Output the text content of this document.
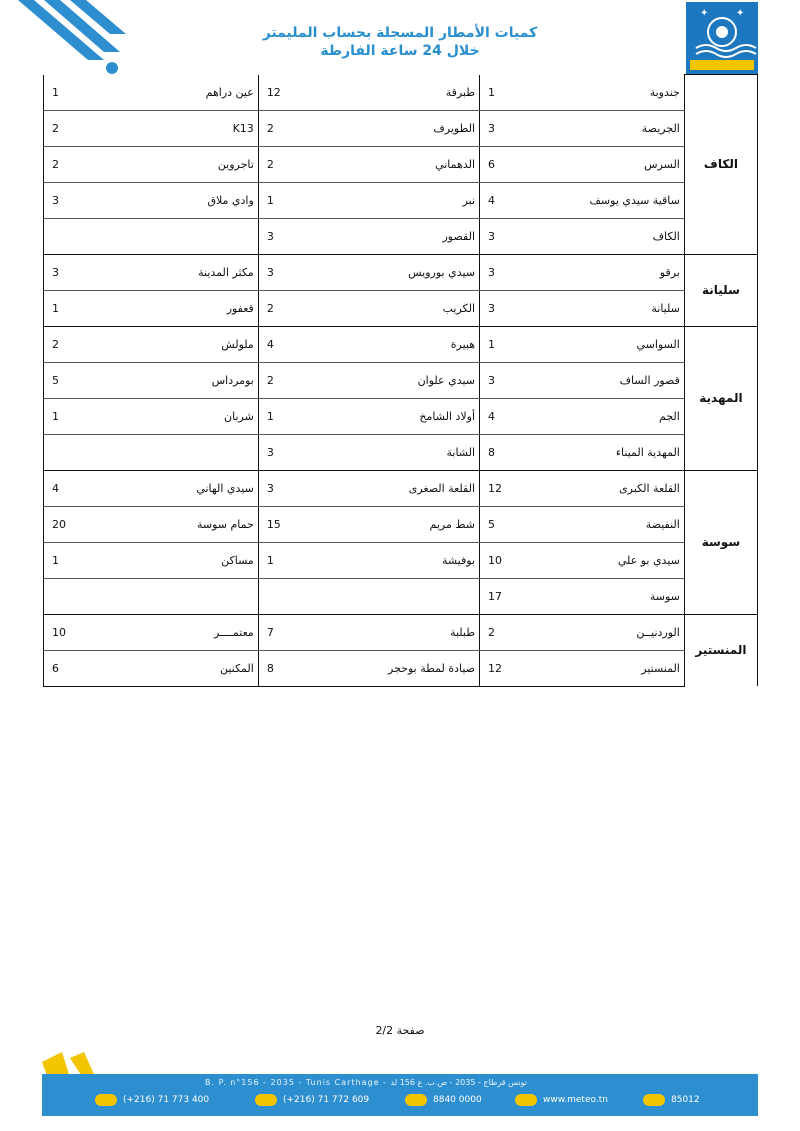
✦	✦
كميات الأمطار المسجلة بحساب المليمتر
خلال 24 ساعة الفارطة
1	عين دراهم	12	طبرقة	1	جندوبة	الكاف
2	K13	2	الطويرف	3	الجريصة	
2	تاجروين	2	الدهماني	6	السرس	
3	وادي ملاق	1	نبر	4	ساقية سيدي يوسف	
		3	القصور	3	الكاف	
3	مكثر المدينة	3	سيدي بورويس	3	برقو	سليانة
1	قعفور	2	الكريب	3	سليانة	
2	ملولش	4	هبيرة	1	السواسي	المهدية
5	بومرداس	2	سيدي علوان	3	قصور الساف	
1	شربان	1	أولاد الشامخ	4	الجم	
		3	الشابة	8	المهدية الميناء	
4	سيدي الهاني	3	القلعة الصغرى	12	القلعة الكبرى	سوسة
20	حمام سوسة	15	شط مريم	5	النفيضة	
1	مساكن	1	بوفيشة	10	سيدي بو علي	
				17	سوسة	
10	معتمــــر	7	طبلبة	2	الوردنيــن	المنستير
6	المكنين	8	صيادة لمطة بوحجر	12	المنستير	
صفحة 2/2
B. P. n°156 - 2035 - Tunis Carthage - تونس قرطاج - 2035 - ص.ب. ع 156 لد
(+216) 71 773 400	(+216) 71 772 609	8840 0000	www.meteo.tn	85012
